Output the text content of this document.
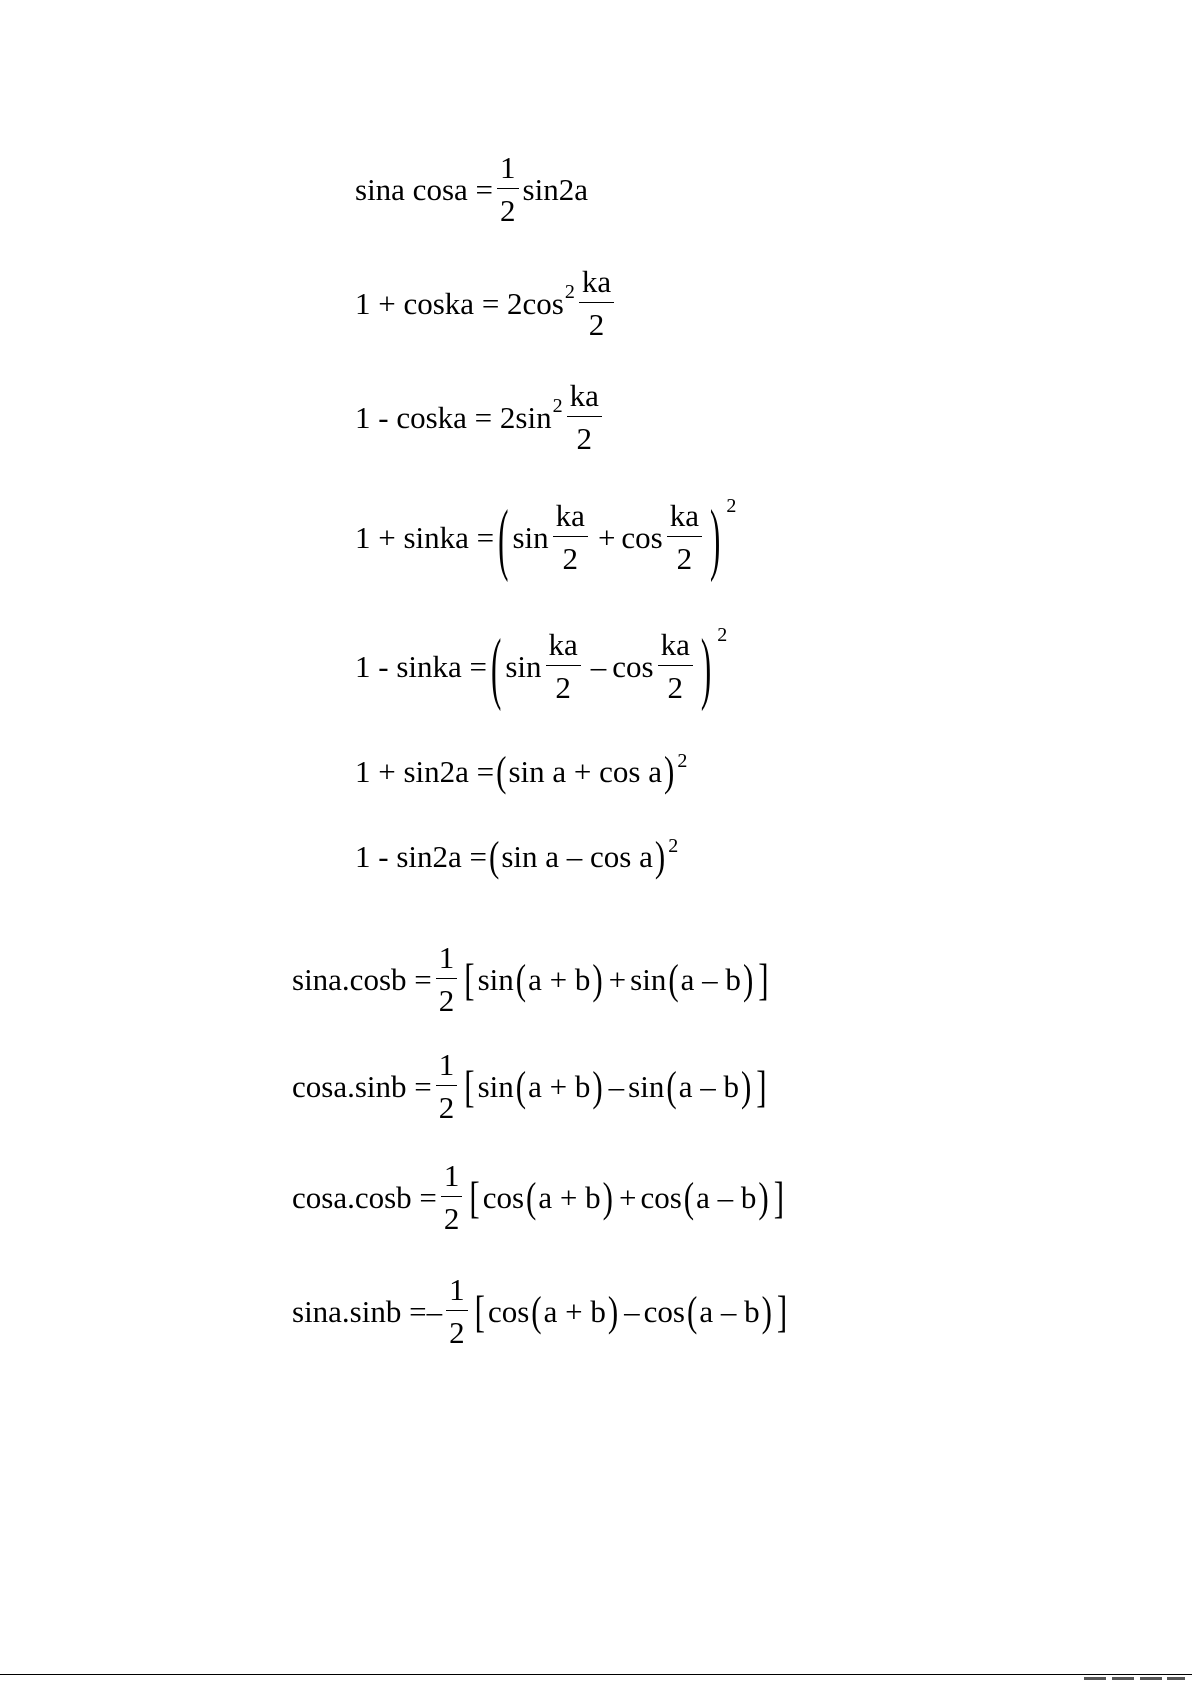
sina $\cos a = \frac{1}{2} \sin 2a$
1 + coska = 2cos $2 \frac{ka}{2}$
1 - coska = 2sin $2 \frac{ka}{2}$
1 + sinka = ( $\sin \frac{ka}{2} + \cos \frac{ka}{2}$ ) 2
1 - sinka = ( $\sin \frac{ka}{2}$ – $\cos \frac{ka}{2}$ ) 2
1 + sin2a = ( sin a + cos a ) 2
1 - sin2a = ( sin a – cos a ) 2
$\sin a.\cos b = \frac{1}{2}$ [ sin ( a + b ) + sin ( a – b ) ]
$\cos a.\sin b = \frac{1}{2}$ [ sin ( a + b ) – sin ( a – b ) ]
$\cos a.\cos b = \frac{1}{2}$ [ cos ( a + b ) + cos ( a – b ) ]
sina.sinb = – $\frac{1}{2}$ [ cos ( a + b ) – cos ( a – b ) ]
